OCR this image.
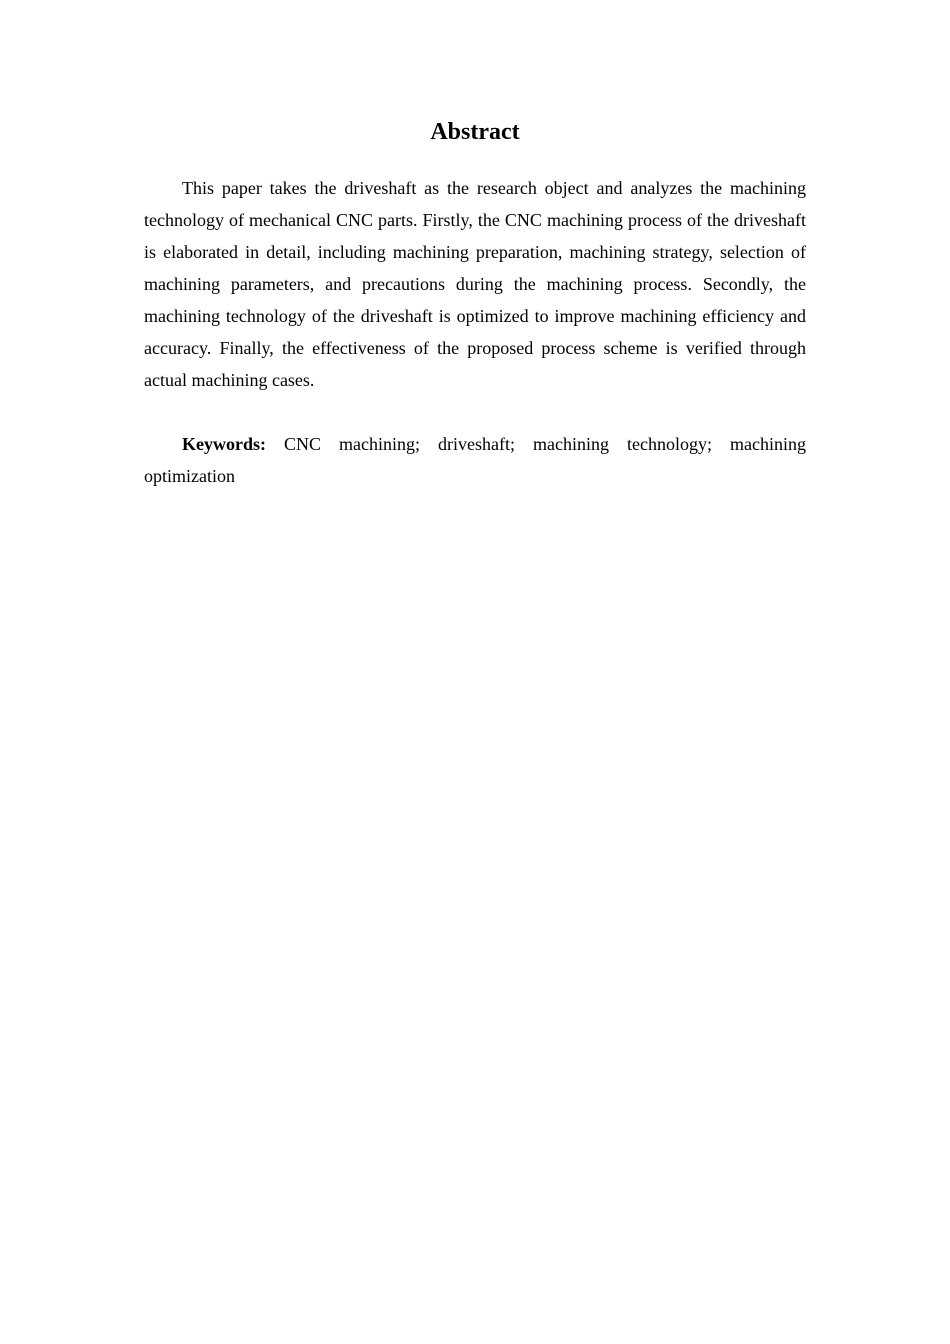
Abstract

This paper takes the driveshaft as the research object and analyzes the machining technology of mechanical CNC parts. Firstly, the CNC machining process of the driveshaft is elaborated in detail, including machining preparation, machining strategy, selection of machining parameters, and precautions during the machining process. Secondly, the machining technology of the driveshaft is optimized to improve machining efficiency and accuracy. Finally, the effectiveness of the proposed process scheme is verified through actual machining cases.

Keywords: CNC machining; driveshaft; machining technology; machining optimization
